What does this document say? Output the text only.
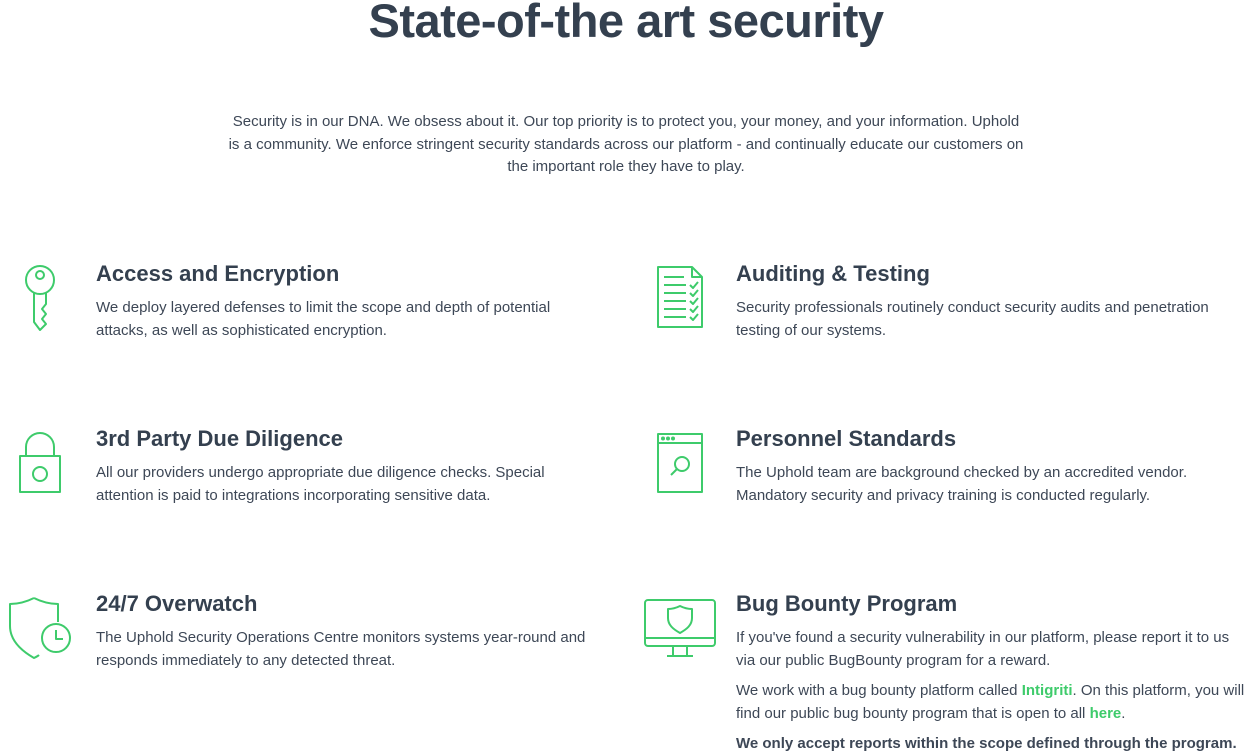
State-of-the art security

Security is in our DNA. We obsess about it. Our top priority is to protect you, your money, and your information. Uphold is a community. We enforce stringent security standards across our platform - and continually educate our customers on the important role they have to play.

Access and Encryption

We deploy layered defenses to limit the scope and depth of potential attacks, as well as sophisticated encryption.

Auditing & Testing

Security professionals routinely conduct security audits and penetration testing of our systems.

3rd Party Due Diligence

All our providers undergo appropriate due diligence checks. Special attention is paid to integrations incorporating sensitive data.

Personnel Standards

The Uphold team are background checked by an accredited vendor. Mandatory security and privacy training is conducted regularly.

24/7 Overwatch

The Uphold Security Operations Centre monitors systems year-round and responds immediately to any detected threat.

Bug Bounty Program

If you've found a security vulnerability in our platform, please report it to us via our public BugBounty program for a reward.

We work with a bug bounty platform called Intigriti. On this platform, you will find our public bug bounty program that is open to all here.

We only accept reports within the scope defined through the program.
